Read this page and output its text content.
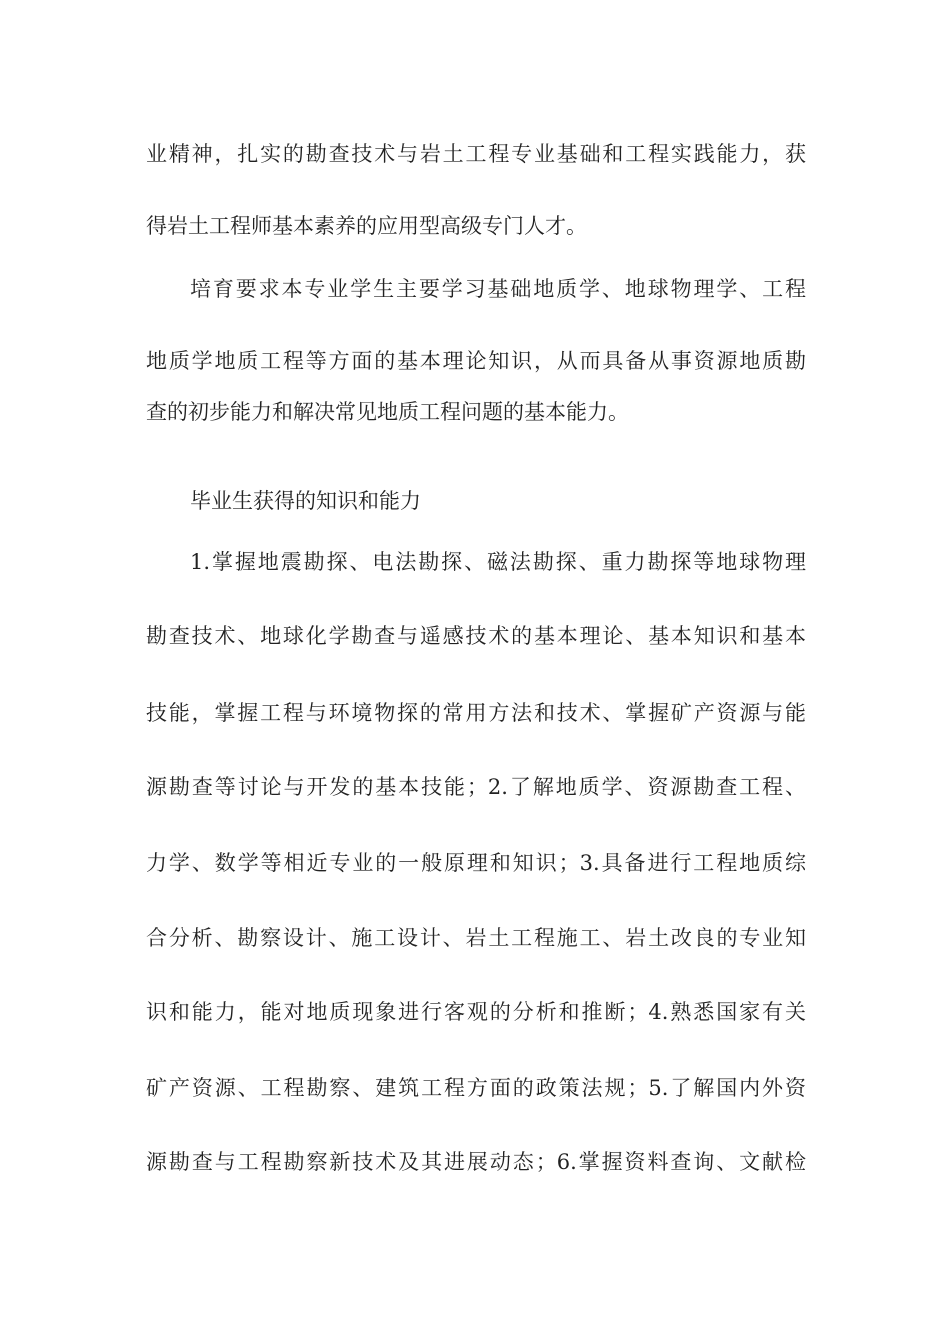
业精神，扎实的勘查技术与岩土工程专业基础和工程实践能力，获
得岩土工程师基本素养的应用型高级专门人才。
培育要求本专业学生主要学习基础地质学、地球物理学、工程
地质学地质工程等方面的基本理论知识，从而具备从事资源地质勘
查的初步能力和解决常见地质工程问题的基本能力。
毕业生获得的知识和能力
1.掌握地震勘探、电法勘探、磁法勘探、重力勘探等地球物理
勘查技术、地球化学勘查与遥感技术的基本理论、基本知识和基本
技能，掌握工程与环境物探的常用方法和技术、掌握矿产资源与能
源勘查等讨论与开发的基本技能；2.了解地质学、资源勘查工程、
力学、数学等相近专业的一般原理和知识；3.具备进行工程地质综
合分析、勘察设计、施工设计、岩土工程施工、岩土改良的专业知
识和能力，能对地质现象进行客观的分析和推断；4.熟悉国家有关
矿产资源、工程勘察、建筑工程方面的政策法规；5.了解国内外资
源勘查与工程勘察新技术及其进展动态；6.掌握资料查询、文献检
